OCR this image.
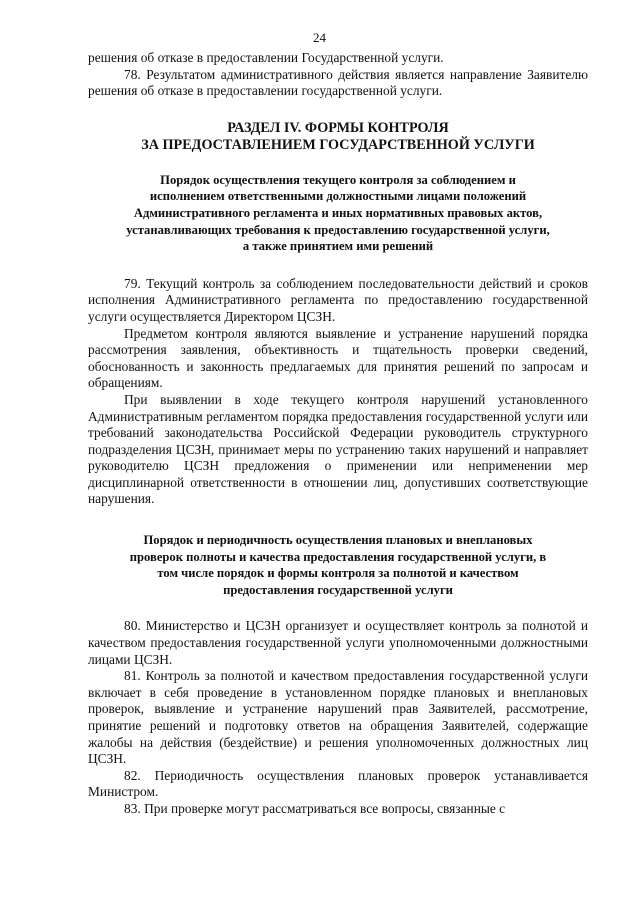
24

решения об отказе в предоставлении Государственной услуги.

78. Результатом административного действия является направление Заявителю решения об отказе в предоставлении государственной услуги.

РАЗДЕЛ IV. ФОРМЫ КОНТРОЛЯ
ЗА ПРЕДОСТАВЛЕНИЕМ ГОСУДАРСТВЕННОЙ УСЛУГИ
Порядок осуществления текущего контроля за соблюдением и
исполнением ответственными должностными лицами положений
Административного регламента и иных нормативных правовых актов,
устанавливающих требования к предоставлению государственной услуги,
а также принятием ими решений

79. Текущий контроль за соблюдением последовательности действий и сроков исполнения Административного регламента по предоставлению государственной услуги осуществляется Директором ЦСЗН.

Предметом контроля являются выявление и устранение нарушений порядка рассмотрения заявления, объективность и тщательность проверки сведений, обоснованность и законность предлагаемых для принятия решений по запросам и обращениям.

При выявлении в ходе текущего контроля нарушений установленного Административным регламентом порядка предоставления государственной услуги или требований законодательства Российской Федерации руководитель структурного подразделения ЦСЗН, принимает меры по устранению таких нарушений и направляет руководителю ЦСЗН предложения о применении или неприменении мер дисциплинарной ответственности в отношении лиц, допустивших соответствующие нарушения.

Порядок и периодичность осуществления плановых и внеплановых
проверок полноты и качества предоставления государственной услуги, в
том числе порядок и формы контроля за полнотой и качеством
предоставления государственной услуги

80. Министерство и ЦСЗН организует и осуществляет контроль за полнотой и качеством предоставления государственной услуги уполномоченными должностными лицами ЦСЗН.

81. Контроль за полнотой и качеством предоставления государственной услуги включает в себя проведение в установленном порядке плановых и внеплановых проверок, выявление и устранение нарушений прав Заявителей, рассмотрение, принятие решений и подготовку ответов на обращения Заявителей, содержащие жалобы на действия (бездействие) и решения уполномоченных должностных лиц ЦСЗН.

82. Периодичность осуществления плановых проверок устанавливается Министром.

83. При проверке могут рассматриваться все вопросы, связанные с
